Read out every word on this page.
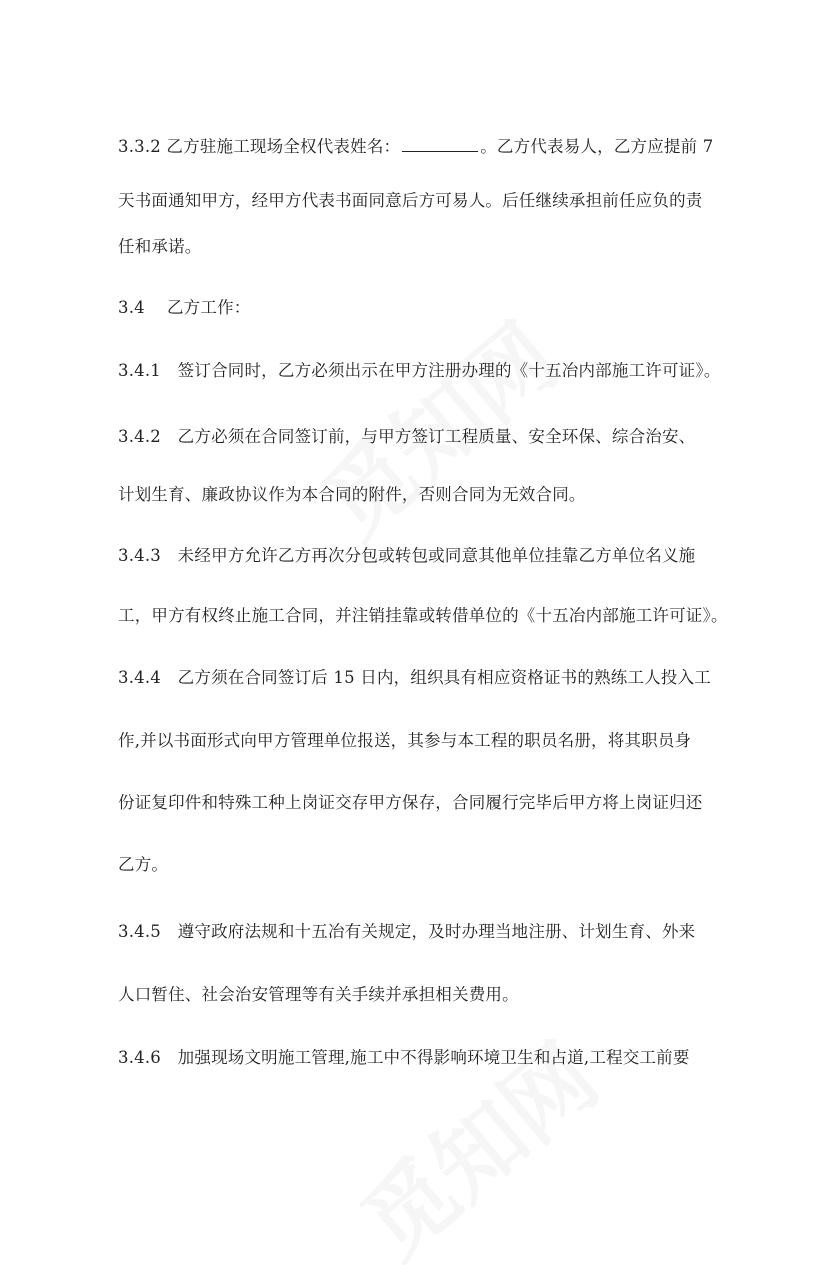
3.3.2 乙方驻施工现场全权代表姓名：	。乙方代表易人，乙方应提前 7
天书面通知甲方，经甲方代表书面同意后方可易人。后任继续承担前任应负的责
任和承诺。
3.4　 乙方工作：
3.4.1　签订合同时，乙方必须出示在甲方注册办理的《十五冶内部施工许可证》。
3.4.2　乙方必须在合同签订前，与甲方签订工程质量、安全环保、综合治安、
计划生育、廉政协议作为本合同的附件，否则合同为无效合同。
3.4.3　未经甲方允许乙方再次分包或转包或同意其他单位挂靠乙方单位名义施
工，甲方有权终止施工合同，并注销挂靠或转借单位的《十五冶内部施工许可证》。
3.4.4　乙方须在合同签订后 15 日内，组织具有相应资格证书的熟练工人投入工
作,并以书面形式向甲方管理单位报送，其参与本工程的职员名册，将其职员身
份证复印件和特殊工种上岗证交存甲方保存，合同履行完毕后甲方将上岗证归还
乙方。
3.4.5　遵守政府法规和十五冶有关规定，及时办理当地注册、计划生育、外来
人口暂住、社会治安管理等有关手续并承担相关费用。
3.4.6　加强现场文明施工管理,施工中不得影响环境卫生和占道,工程交工前要
